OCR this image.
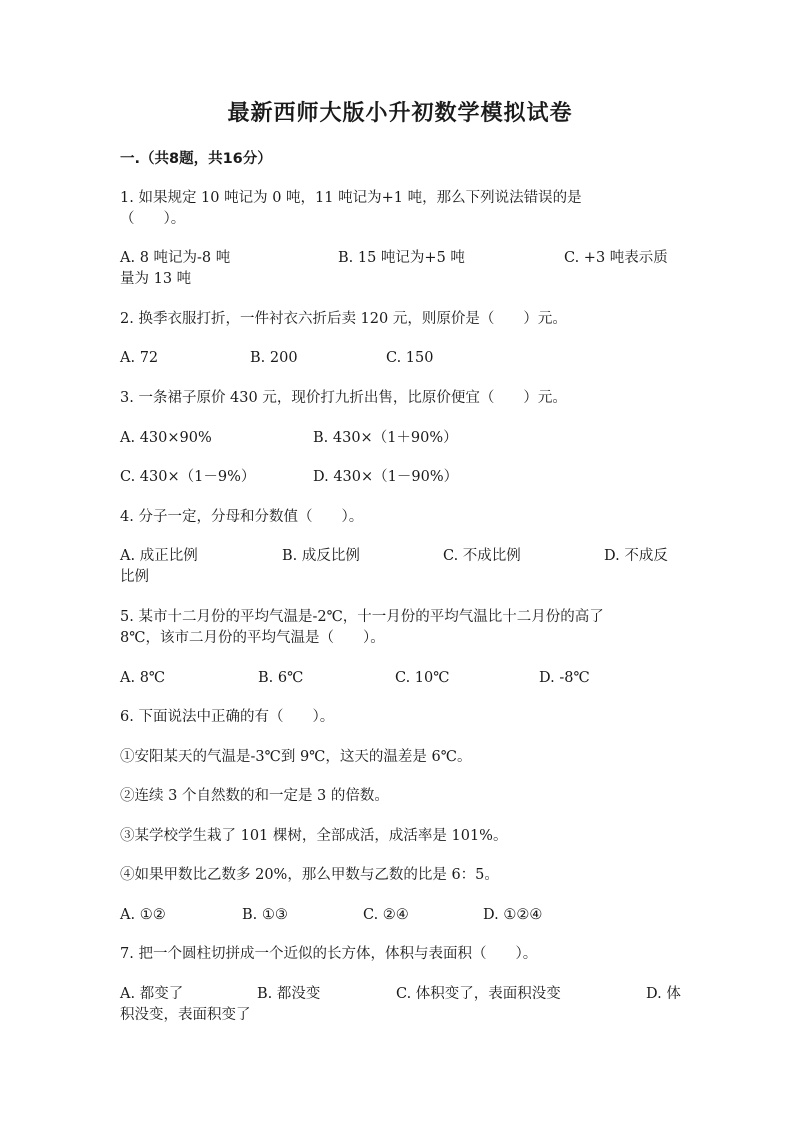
最新西师大版小升初数学模拟试卷
一.（共8题，共16分）
1. 如果规定 10 吨记为 0 吨，11 吨记为+1 吨，那么下列说法错误的是
（　　）。
A. 8 吨记为-8 吨	B. 15 吨记为+5 吨	C. +3 吨表示质
量为 13 吨
2. 换季衣服打折，一件衬衣六折后卖 120 元，则原价是（　　）元。
A. 72	B. 200	C. 150
3. 一条裙子原价 430 元，现价打九折出售，比原价便宜（　　）元。
A. 430×90%	B. 430×（1＋90%）
C. 430×（1－9%）	D. 430×（1－90%）
4. 分子一定，分母和分数值（　　）。
A. 成正比例	B. 成反比例	C. 不成比例	D. 不成反
比例
5. 某市十二月份的平均气温是-2℃，十一月份的平均气温比十二月份的高了
8℃，该市二月份的平均气温是（　　）。
A. 8℃	B. 6℃	C. 10℃	D. -8℃
6. 下面说法中正确的有（　　）。
①安阳某天的气温是-3℃到 9℃，这天的温差是 6℃。
②连续 3 个自然数的和一定是 3 的倍数。
③某学校学生栽了 101 棵树，全部成活，成活率是 101%。
④如果甲数比乙数多 20%，那么甲数与乙数的比是 6：5。
A. ①②	B. ①③	C. ②④	D. ①②④
7. 把一个圆柱切拼成一个近似的长方体，体积与表面积（　　）。
A. 都变了	B. 都没变	C. 体积变了，表面积没变	D. 体
积没变，表面积变了
